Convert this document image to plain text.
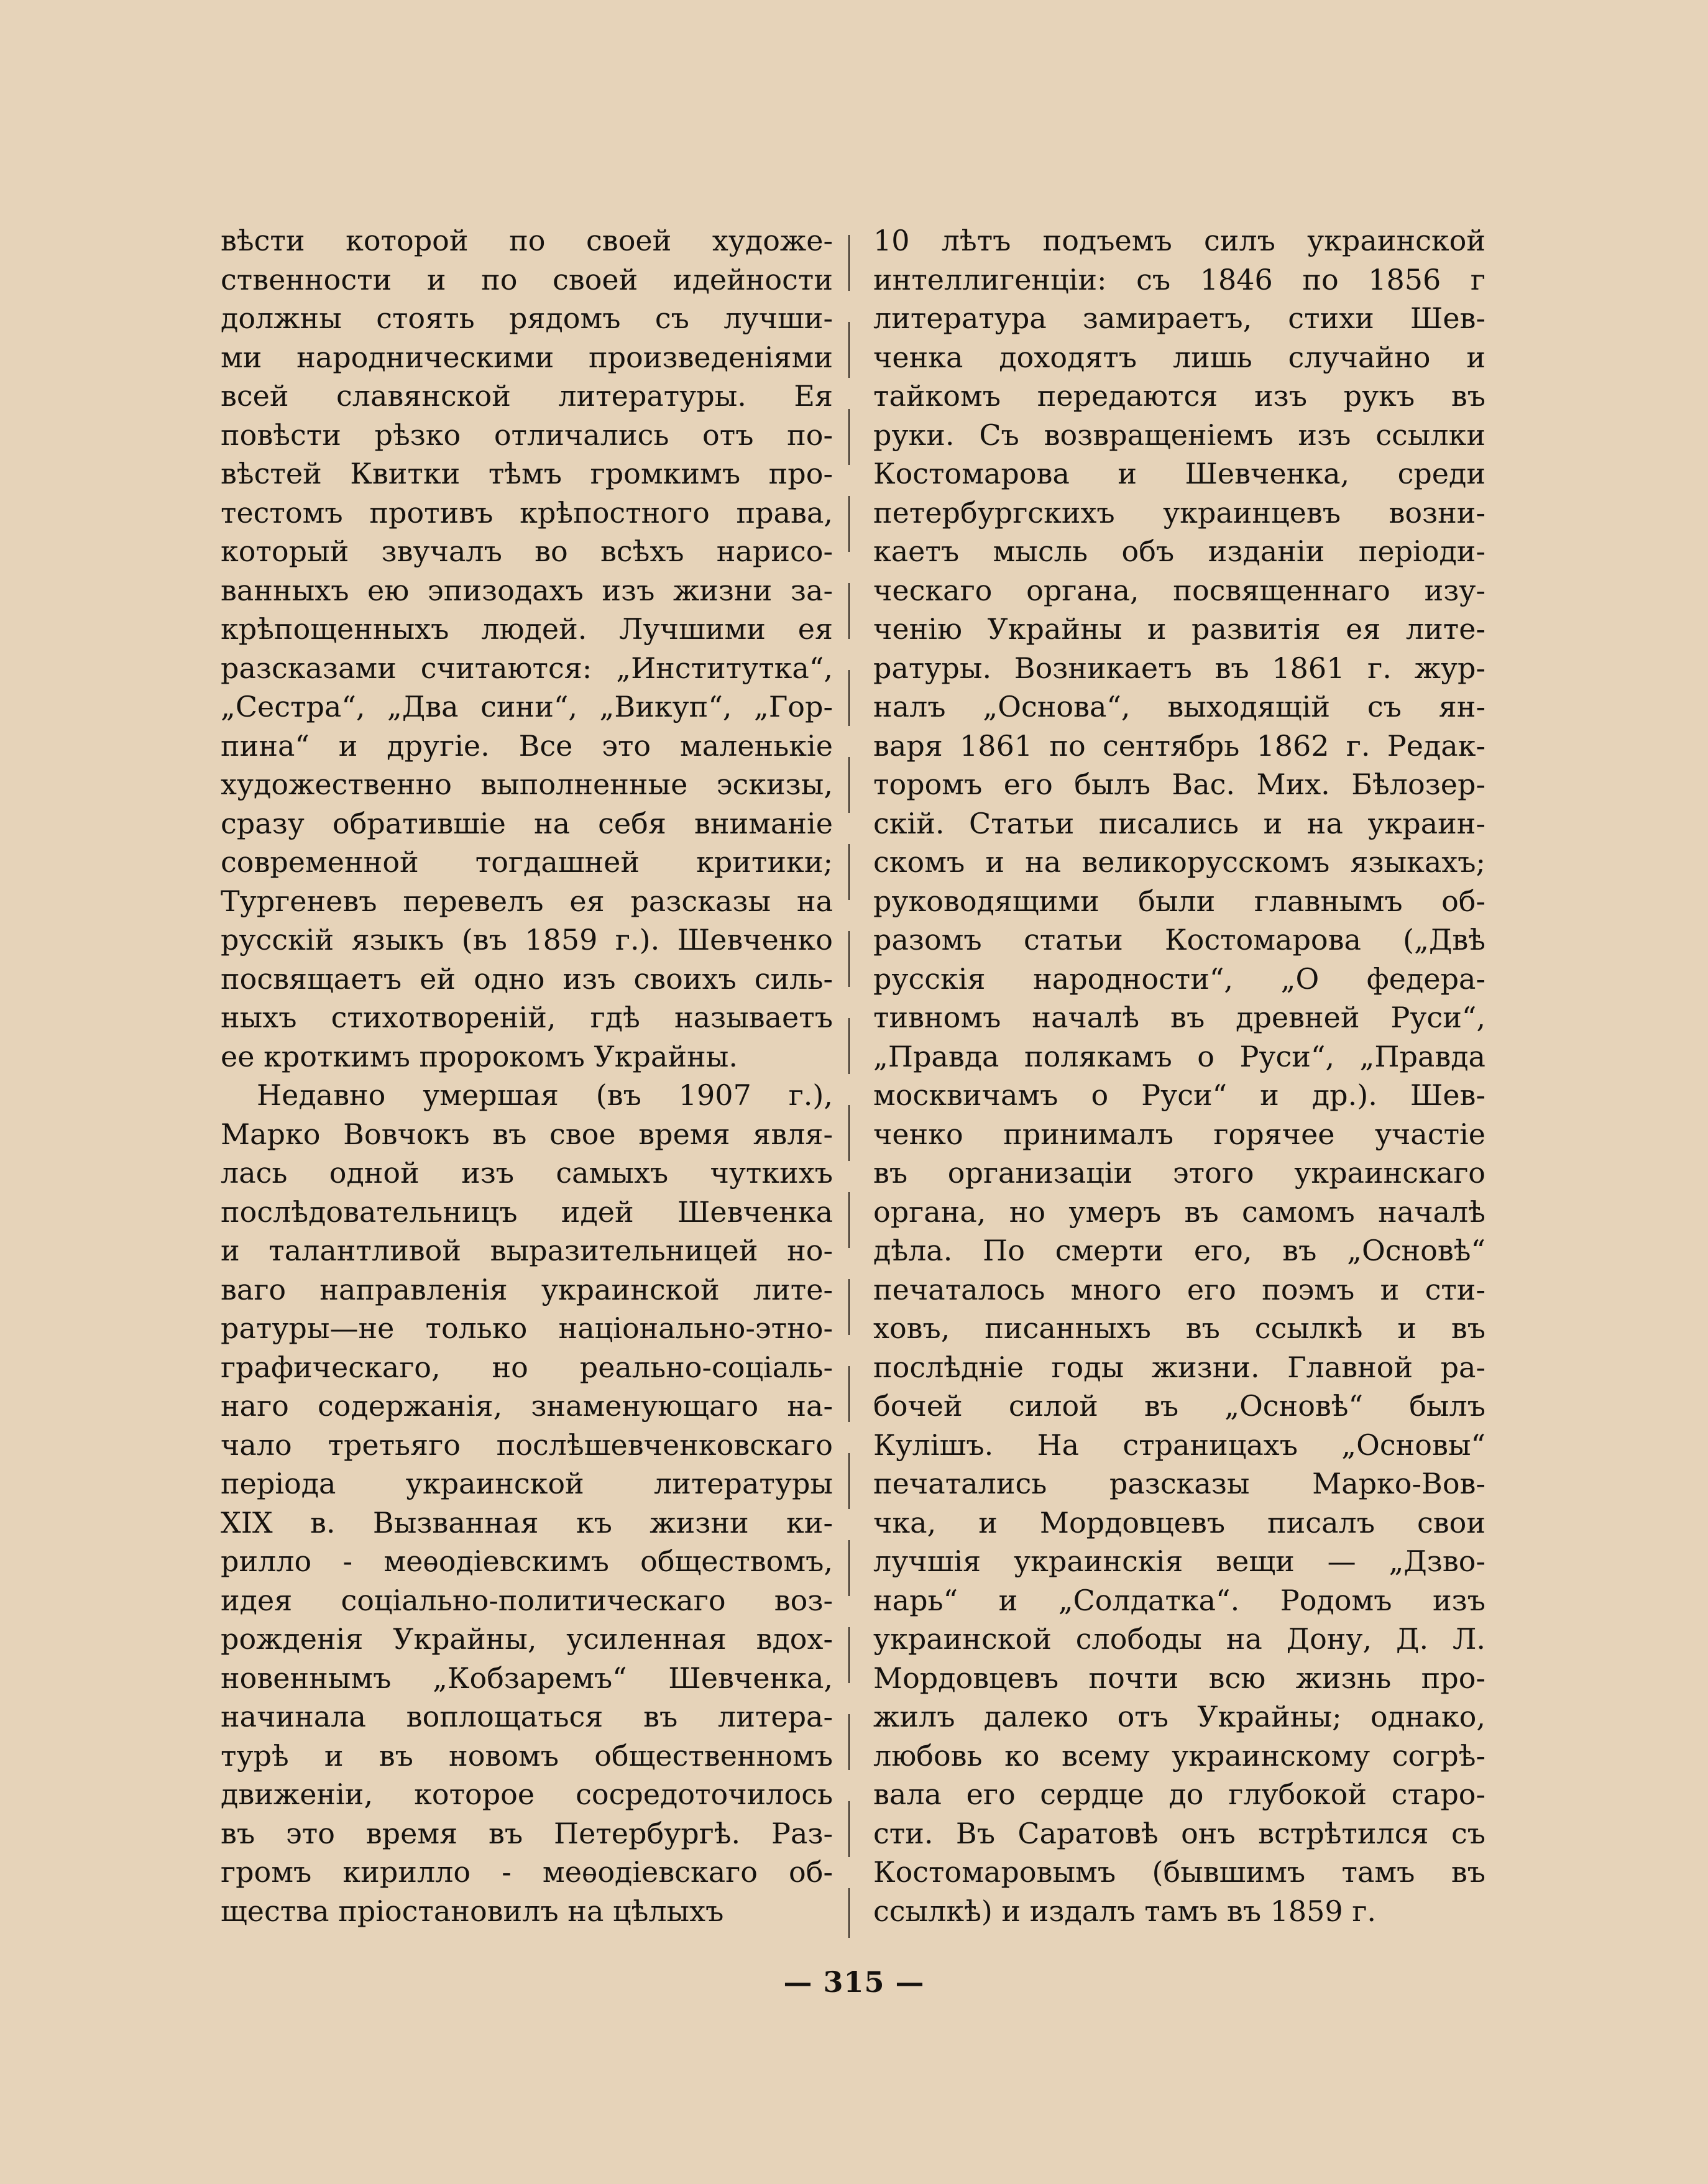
вѣсти которой по своей художе-
ственности и по своей идейности
должны стоять рядомъ съ лучши-
ми народническими произведеніями
всей славянской литературы. Ея
повѣсти рѣзко отличались отъ по-
вѣстей Квитки тѣмъ громкимъ про-
тестомъ противъ крѣпостного права,
который звучалъ во всѣхъ нарисо-
ванныхъ ею эпизодахъ изъ жизни за-
крѣпощенныхъ людей. Лучшими ея
разсказами считаются: „Институтка“,
„Сестра“, „Два сини“, „Викуп“, „Гор-
пина“ и другіе. Все это маленькіе
художественно выполненные эскизы,
сразу обратившіе на себя вниманіе
современной тогдашней критики;
Тургеневъ перевелъ ея разсказы на
русскій языкъ (въ 1859 г.). Шевченко
посвящаетъ ей одно изъ своихъ силь-
ныхъ стихотвореній, гдѣ называетъ
ее кроткимъ пророкомъ Украйны.
Недавно умершая (въ 1907 г.),
Марко Вовчокъ въ свое время явля-
лась одной изъ самыхъ чуткихъ
послѣдовательницъ идей Шевченка
и талантливой выразительницей но-
ваго направленія украинской лите-
ратуры—не только національно-этно-
графическаго, но реально-соціаль-
наго содержанія, знаменующаго на-
чало третьяго послѣшевченковскаго
періода украинской литературы
XIX в. Вызванная къ жизни ки-
рилло - меѳодіевскимъ обществомъ,
идея соціально-политическаго воз-
рожденія Украйны, усиленная вдох-
новеннымъ „Кобзаремъ“ Шевченка,
начинала воплощаться въ литера-
турѣ и въ новомъ общественномъ
движеніи, которое сосредоточилось
въ это время въ Петербургѣ. Раз-
громъ кирилло - меѳодіевскаго об-
щества пріостановилъ на цѣлыхъ
10 лѣтъ подъемъ силъ украинской
интеллигенціи: съ 1846 по 1856 г
литература замираетъ, стихи Шев-
ченка доходятъ лишь случайно и
тайкомъ передаются изъ рукъ въ
руки. Съ возвращеніемъ изъ ссылки
Костомарова и Шевченка, среди
петербургскихъ украинцевъ возни-
каетъ мысль объ изданіи періоди-
ческаго органа, посвященнаго изу-
ченію Украйны и развитія ея лите-
ратуры. Возникаетъ въ 1861 г. жур-
налъ „Основа“, выходящій съ ян-
варя 1861 по сентябрь 1862 г. Редак-
торомъ его былъ Вас. Мих. Бѣлозер-
скій. Статьи писались и на украин-
скомъ и на великорусскомъ языкахъ;
руководящими были главнымъ об-
разомъ статьи Костомарова („Двѣ
русскія народности“, „О федера-
тивномъ началѣ въ древней Руси“,
„Правда полякамъ о Руси“, „Правда
москвичамъ о Руси“ и др.). Шев-
ченко принималъ горячее участіе
въ организаціи этого украинскаго
органа, но умеръ въ самомъ началѣ
дѣла. По смерти его, въ „Основѣ“
печаталось много его поэмъ и сти-
ховъ, писанныхъ въ ссылкѣ и въ
послѣдніе годы жизни. Главной ра-
бочей силой въ „Основѣ“ былъ
Кулішъ. На страницахъ „Основы“
печатались разсказы Марко-Вов-
чка, и Мордовцевъ писалъ свои
лучшія украинскія вещи — „Дзво-
нарь“ и „Солдатка“. Родомъ изъ
украинской слободы на Дону, Д. Л.
Мордовцевъ почти всю жизнь про-
жилъ далеко отъ Украйны; однако,
любовь ко всему украинскому согрѣ-
вала его сердце до глубокой старо-
сти. Въ Саратовѣ онъ встрѣтился съ
Костомаровымъ (бывшимъ тамъ въ
ссылкѣ) и издалъ тамъ въ 1859 г.
— 315 —
